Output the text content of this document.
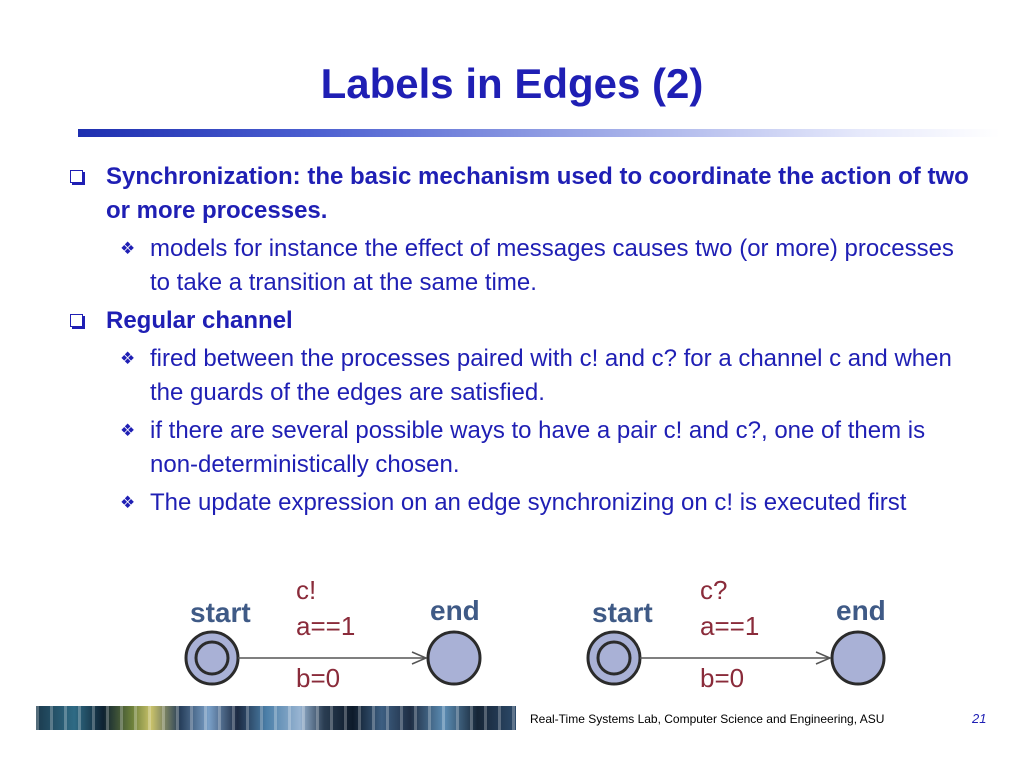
Labels in Edges (2)
Synchronization: the basic mechanism used to coordinate the action of two or more processes.
❖ models for instance the effect of messages causes two (or more) processes to take a transition at the same time.
Regular channel
❖ fired between the processes paired with c! and c? for a channel c and when the guards of the edges are satisfied.
❖ if there are several possible ways to have a pair c! and c?, one of them is non-deterministically chosen.
❖ The update expression on an edge synchronizing on c! is executed first
start	end
c!
a==1
b=0
start	end
c?
a==1
b=0
Real-Time Systems Lab, Computer Science and Engineering, ASU	21
